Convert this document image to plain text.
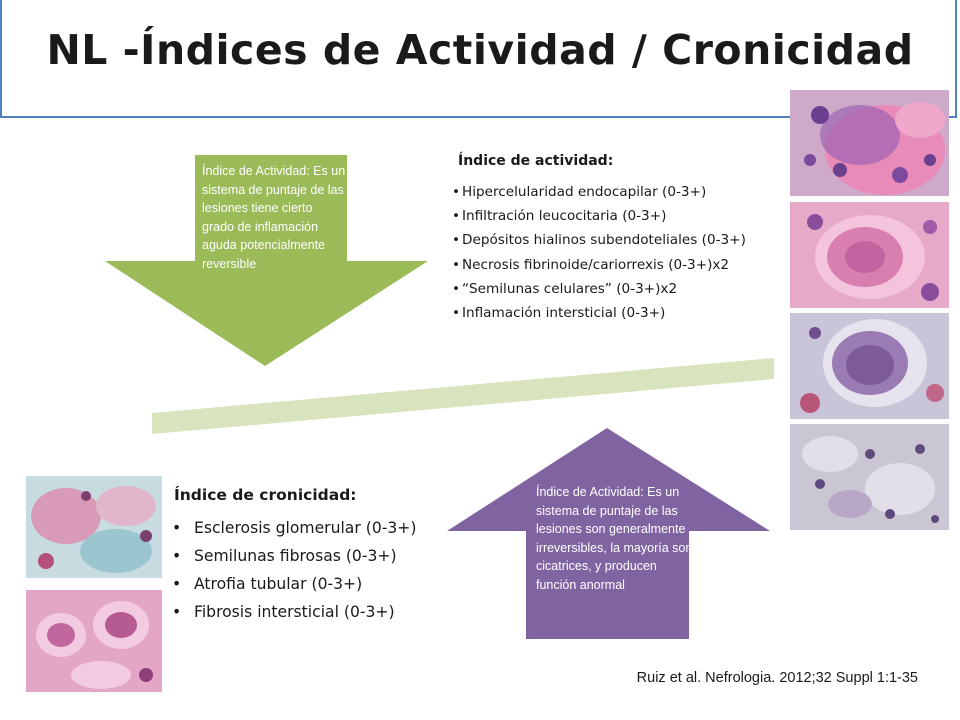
NL -Índices de Actividad / Cronicidad
Índice de Actividad: Es un sistema de puntaje de las lesiones tiene cierto grado de inflamación aguda potencialmente reversible
Índice de Actividad: Es un sistema de puntaje de las lesiones son generalmente irreversibles, la mayoría son cicatrices, y producen función anormal
Índice de actividad:
• Hipercelularidad endocapilar (0-3+)
• Infiltración leucocitaria (0-3+)
• Depósitos hialinos subendoteliales (0-3+)
• Necrosis fibrinoide/cariorrexis (0-3+)x2
• “Semilunas celulares” (0-3+)x2
• Inflamación intersticial (0-3+)
Índice de cronicidad:
• Esclerosis glomerular (0-3+)
• Semilunas fibrosas (0-3+)
• Atrofia tubular (0-3+)
• Fibrosis intersticial (0-3+)
Ruiz et al. Nefrologia. 2012;32 Suppl 1:1-35
